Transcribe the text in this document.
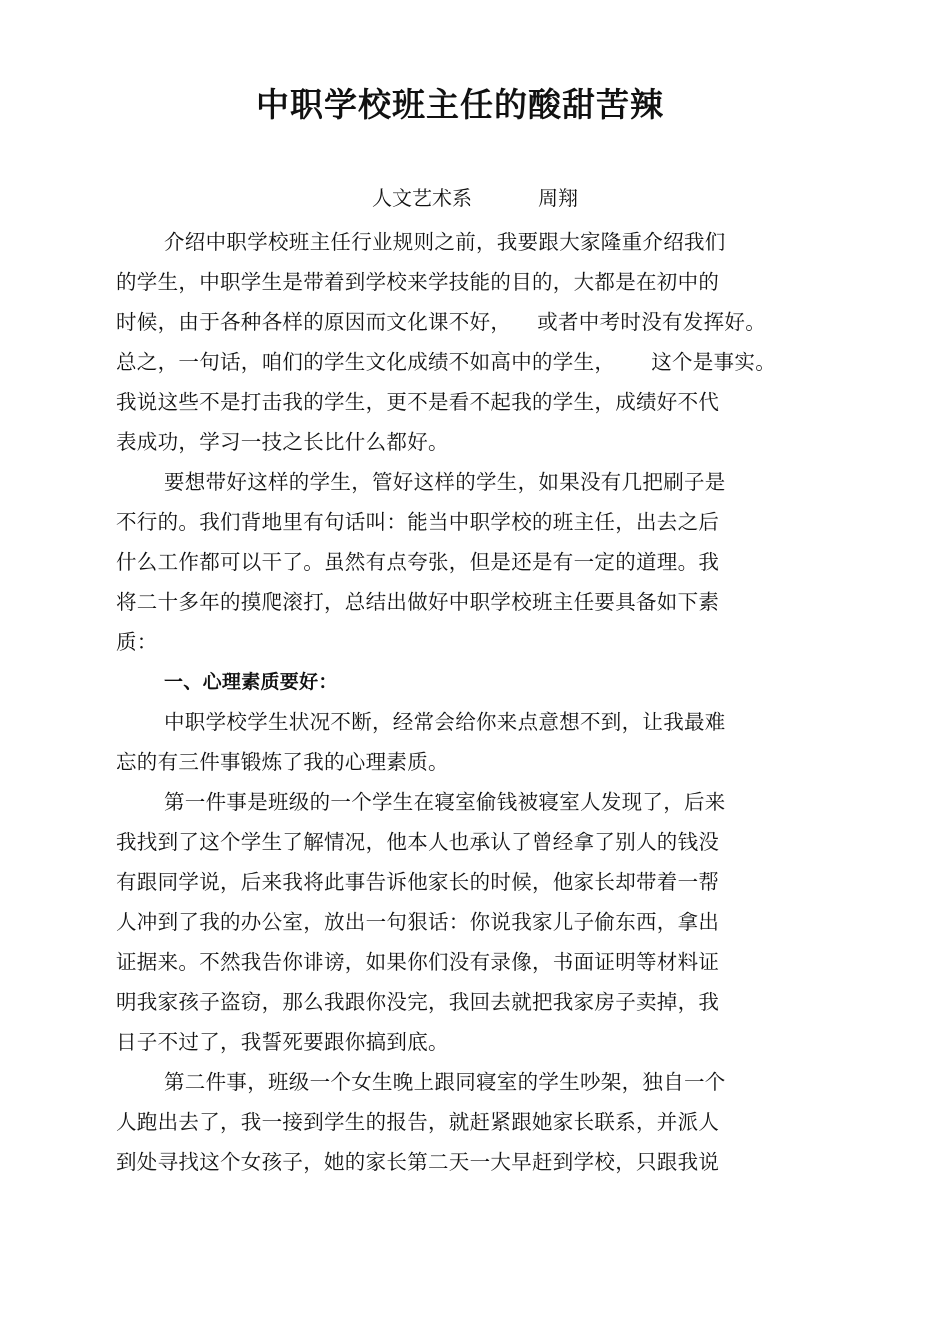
中职学校班主任的酸甜苦辣
人文艺术系	周翔
介绍中职学校班主任行业规则之前，我要跟大家隆重介绍我们
的学生，中职学生是带着到学校来学技能的目的，大都是在初中的
时候，由于各种各样的原因而文化课不好， 或者中考时没有发挥好。
总之，一句话，咱们的学生文化成绩不如高中的学生， 这个是事实。
我说这些不是打击我的学生，更不是看不起我的学生，成绩好不代
表成功，学习一技之长比什么都好。
要想带好这样的学生，管好这样的学生，如果没有几把刷子是
不行的。我们背地里有句话叫：能当中职学校的班主任，出去之后
什么工作都可以干了。虽然有点夸张，但是还是有一定的道理。我
将二十多年的摸爬滚打，总结出做好中职学校班主任要具备如下素
质：
一、心理素质要好：
中职学校学生状况不断，经常会给你来点意想不到，让我最难
忘的有三件事锻炼了我的心理素质。
第一件事是班级的一个学生在寝室偷钱被寝室人发现了，后来
我找到了这个学生了解情况，他本人也承认了曾经拿了别人的钱没
有跟同学说，后来我将此事告诉他家长的时候，他家长却带着一帮
人冲到了我的办公室，放出一句狠话：你说我家儿子偷东西，拿出
证据来。不然我告你诽谤，如果你们没有录像，书面证明等材料证
明我家孩子盗窃，那么我跟你没完，我回去就把我家房子卖掉，我
日子不过了，我誓死要跟你搞到底。
第二件事，班级一个女生晚上跟同寝室的学生吵架，独自一个
人跑出去了，我一接到学生的报告，就赶紧跟她家长联系，并派人
到处寻找这个女孩子，她的家长第二天一大早赶到学校，只跟我说
